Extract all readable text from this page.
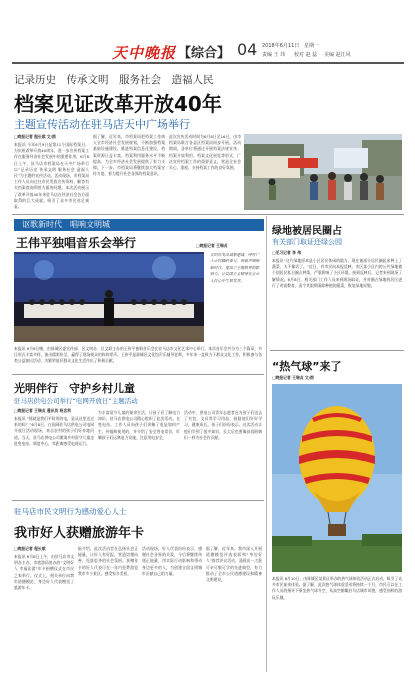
天中晚报 【综合】 04 2018年6月11日 星期一
责编 王 玮 校对 赵 蕊 美编 赵江风
记录历史　传承文明　服务社会　造福人民
档案见证改革开放40年
主题宣传活动在驻马店天中广场举行
□晚报记者 程长斌 文/图
本报讯 今年6月9日是第11个国际档案日，为庆祝改革开放40周年，进一步宣传档案工作在服务经济社会发展中的重要作用，6月8日上午，驻马店市档案局在天中广场举行以“记录历史 传承文明 服务社会 造福人民”为主题的宣传活动。活动现场，市档案局工作人员向过往市民发放宣传资料，解答有关档案查询利用方面的问题。本次活动展示了改革开放40年来驻马店在经济社会各方面取得的巨大成就，吸引了众多市民驻足观看。
据了解，近年来，市档案局把档案工作纳入全市经济社会发展规划，不断加强档案基础设施建设，推进档案信息化建设，档案资源日益丰富，档案利用服务水平不断提高，为全市经济社会发展提供了有力支撑。下一步，市档案局将继续加大档案宣传力度，着力提升社会各界的档案意识。
此次宣传活动时间为6月8日至16日，由市档案局联合各县区档案局同步开展。活动期间，各单位将通过开展档案法规宣传、档案开放利用、档案文化展览等形式，广泛宣传档案工作的重要意义，营造全社会关心、重视、支持档案工作的良好氛围。
讴歌新时代　唱响文明城
王伟平独唱音乐会举行
文明办发出诚挚邀请，呼吁广大市民踊跃参与，用歌声唱响新时代，提高了主题教育的影响力，让爱国主义精神在全市人民心中生根发芽。
□晚报记者 王瑞贞
本报讯 6月8日晚，由驿城区委宣传部、区文明办、区文联主办的王伟平独唱音乐会在驻马店市文化艺术中心举行。本次音乐会共分为三个篇章，节目形式丰富多样，演出精彩纷呈，赢得了现场观众的阵阵掌声。王伟平是驿城区文化馆声乐辅导老师，多年来一直致力于群众文化工作，积极参与各类公益演出活动，为繁荣基层群众文化生活作出了积极贡献。
绿地被居民圈占
有关部门取证还绿公园
□见习记者 李 伟
本报讯“这片绿地原本是小区居民休闲的地方，现在被部分居民圈起来种上了蔬菜，太不像话了。”近日，有市民向本报反映，市区某小区内的公共绿地被个别居民私自圈占种菜，严重影响了小区环境。接到反映后，记者来到现场了解情况。6月8日，相关部门工作人员来到现场取证，并对圈占绿地的居民进行了劝说教育，责令其限期清除种植的蔬菜，恢复绿地原貌。
“热气球”来了
□晚报记者 王瑞贞 文/图
本报讯 6月10日，由驿城区某景区举办的热气球体验活动正式启动，吸引了众多市民前来体验。据了解，此次热气球体验活动将持续一个月，市民可以在工作人员的指导下乘坐热气球升空，从高空俯瞰驻马店城市风貌，感受别样的游玩乐趣。
光明伴行　守护乡村儿童
驻马店供电公司举行“电网开放日”主题活动
□晚报记者 王瑞贞 通讯员 杨忠利
本报讯 “那就是我们平时用的电，是从这里送过来的吗？”6月8日，在国网驻马店供电公司电网开放日活动现场，来自农村的孩子们好奇地问道。当天，驻马店供电公司邀请乡村留守儿童走进变电站、调度中心，零距离感受电网运行。
为丰富留守儿童的课余生活，让孩子们了解电力知识，驻马店供电公司精心组织了此次活动。在变电站，工作人员向孩子们讲解了电是如何产生、传输和使用的，并介绍了安全用电常识，叮嘱孩子们远离电力设施，注意用电安全。
活动中，供电公司青年志愿者还为孩子们送去了书包、文具等学习用品，鼓励他们好好学习，健康成长。孩子们纷纷表示，这次活动让他们学到了很多知识，长大后也要像叔叔阿姨们一样为社会作贡献。
驻马店市民文明行为感动爱心人士
我市好人获赠旅游年卡
□晚报记者 程长斌
本报讯 6月8日上午，由驻马店市文明办主办、市旅游局协办的“文明好人 幸福出游”年卡捐赠仪式在市民之家举行。仪式上，相关单位向我市道德模范、身边好人代表赠送了旅游年卡。
据介绍，此次活动旨在弘扬社会正能量，让好人有好报，营造崇德向善、见贤思齐的社会氛围。获赠年卡的好人代表可在一年内免费游览我市多个景区，感受家乡美景。
活动现场，好人代表纷纷表示，感谢社会各界的关爱，今后将继续传递正能量，用实际行动影响和带动身边更多的人，为创建全国文明城市贡献自己的力量。
据了解，近年来，我市深入开展道德模范评选表彰和“身边好人”推荐评议活动，涌现出一大批可亲可敬可学的先进典型，有力推动了全市公民道德建设和精神文明建设。
